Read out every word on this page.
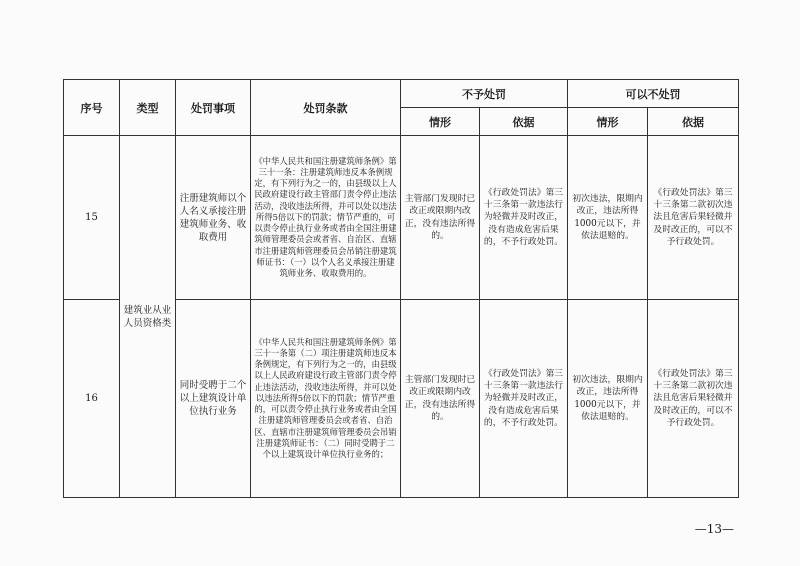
序号	类型	处罚事项	处罚条款	不予处罚		可以不处罚	
				情形	依据	情形	依据
15	建筑业从业人员资格类	注册建筑师以个人名义承接注册建筑师业务、收取费用	《中华人民共和国注册建筑师条例》第三十一条：注册建筑师违反本条例规定，有下列行为之一的，由县级以上人民政府建设行政主管部门责令停止违法活动，没收违法所得，并可以处以违法所得5倍以下的罚款；情节严重的，可以责令停止执行业务或者由全国注册建筑师管理委员会或者省、自治区、直辖市注册建筑师管理委员会吊销注册建筑师证书：（一）以个人名义承接注册建筑师业务、收取费用的。	主管部门发现时已改正或限期内改正，没有违法所得的。	《行政处罚法》第三十三条第一款违法行为轻微并及时改正，没有造成危害后果的，不予行政处罚。	初次违法，限期内改正，违法所得1000元以下，并依法退赔的。	《行政处罚法》第三十三条第二款初次违法且危害后果轻微并及时改正的，可以不予行政处罚。
16		同时受聘于二个以上建筑设计单位执行业务	《中华人民共和国注册建筑师条例》第三十一条第（二）项注册建筑师违反本条例规定，有下列行为之一的，由县级以上人民政府建设行政主管部门责令停止违法活动，没收违法所得，并可以处以违法所得5倍以下的罚款；情节严重的，可以责令停止执行业务或者由全国注册建筑师管理委员会或者省、自治区、直辖市注册建筑师管理委员会吊销注册建筑师证书：（二）同时受聘于二个以上建筑设计单位执行业务的；	主管部门发现时已改正或限期内改正，没有违法所得的。	《行政处罚法》第三十三条第一款违法行为轻微并及时改正，没有造成危害后果的，不予行政处罚。	初次违法，限期内改正，违法所得1000元以下，并依法退赔的。	《行政处罚法》第三十三条第二款初次违法且危害后果轻微并及时改正的，可以不予行政处罚。
—13—
